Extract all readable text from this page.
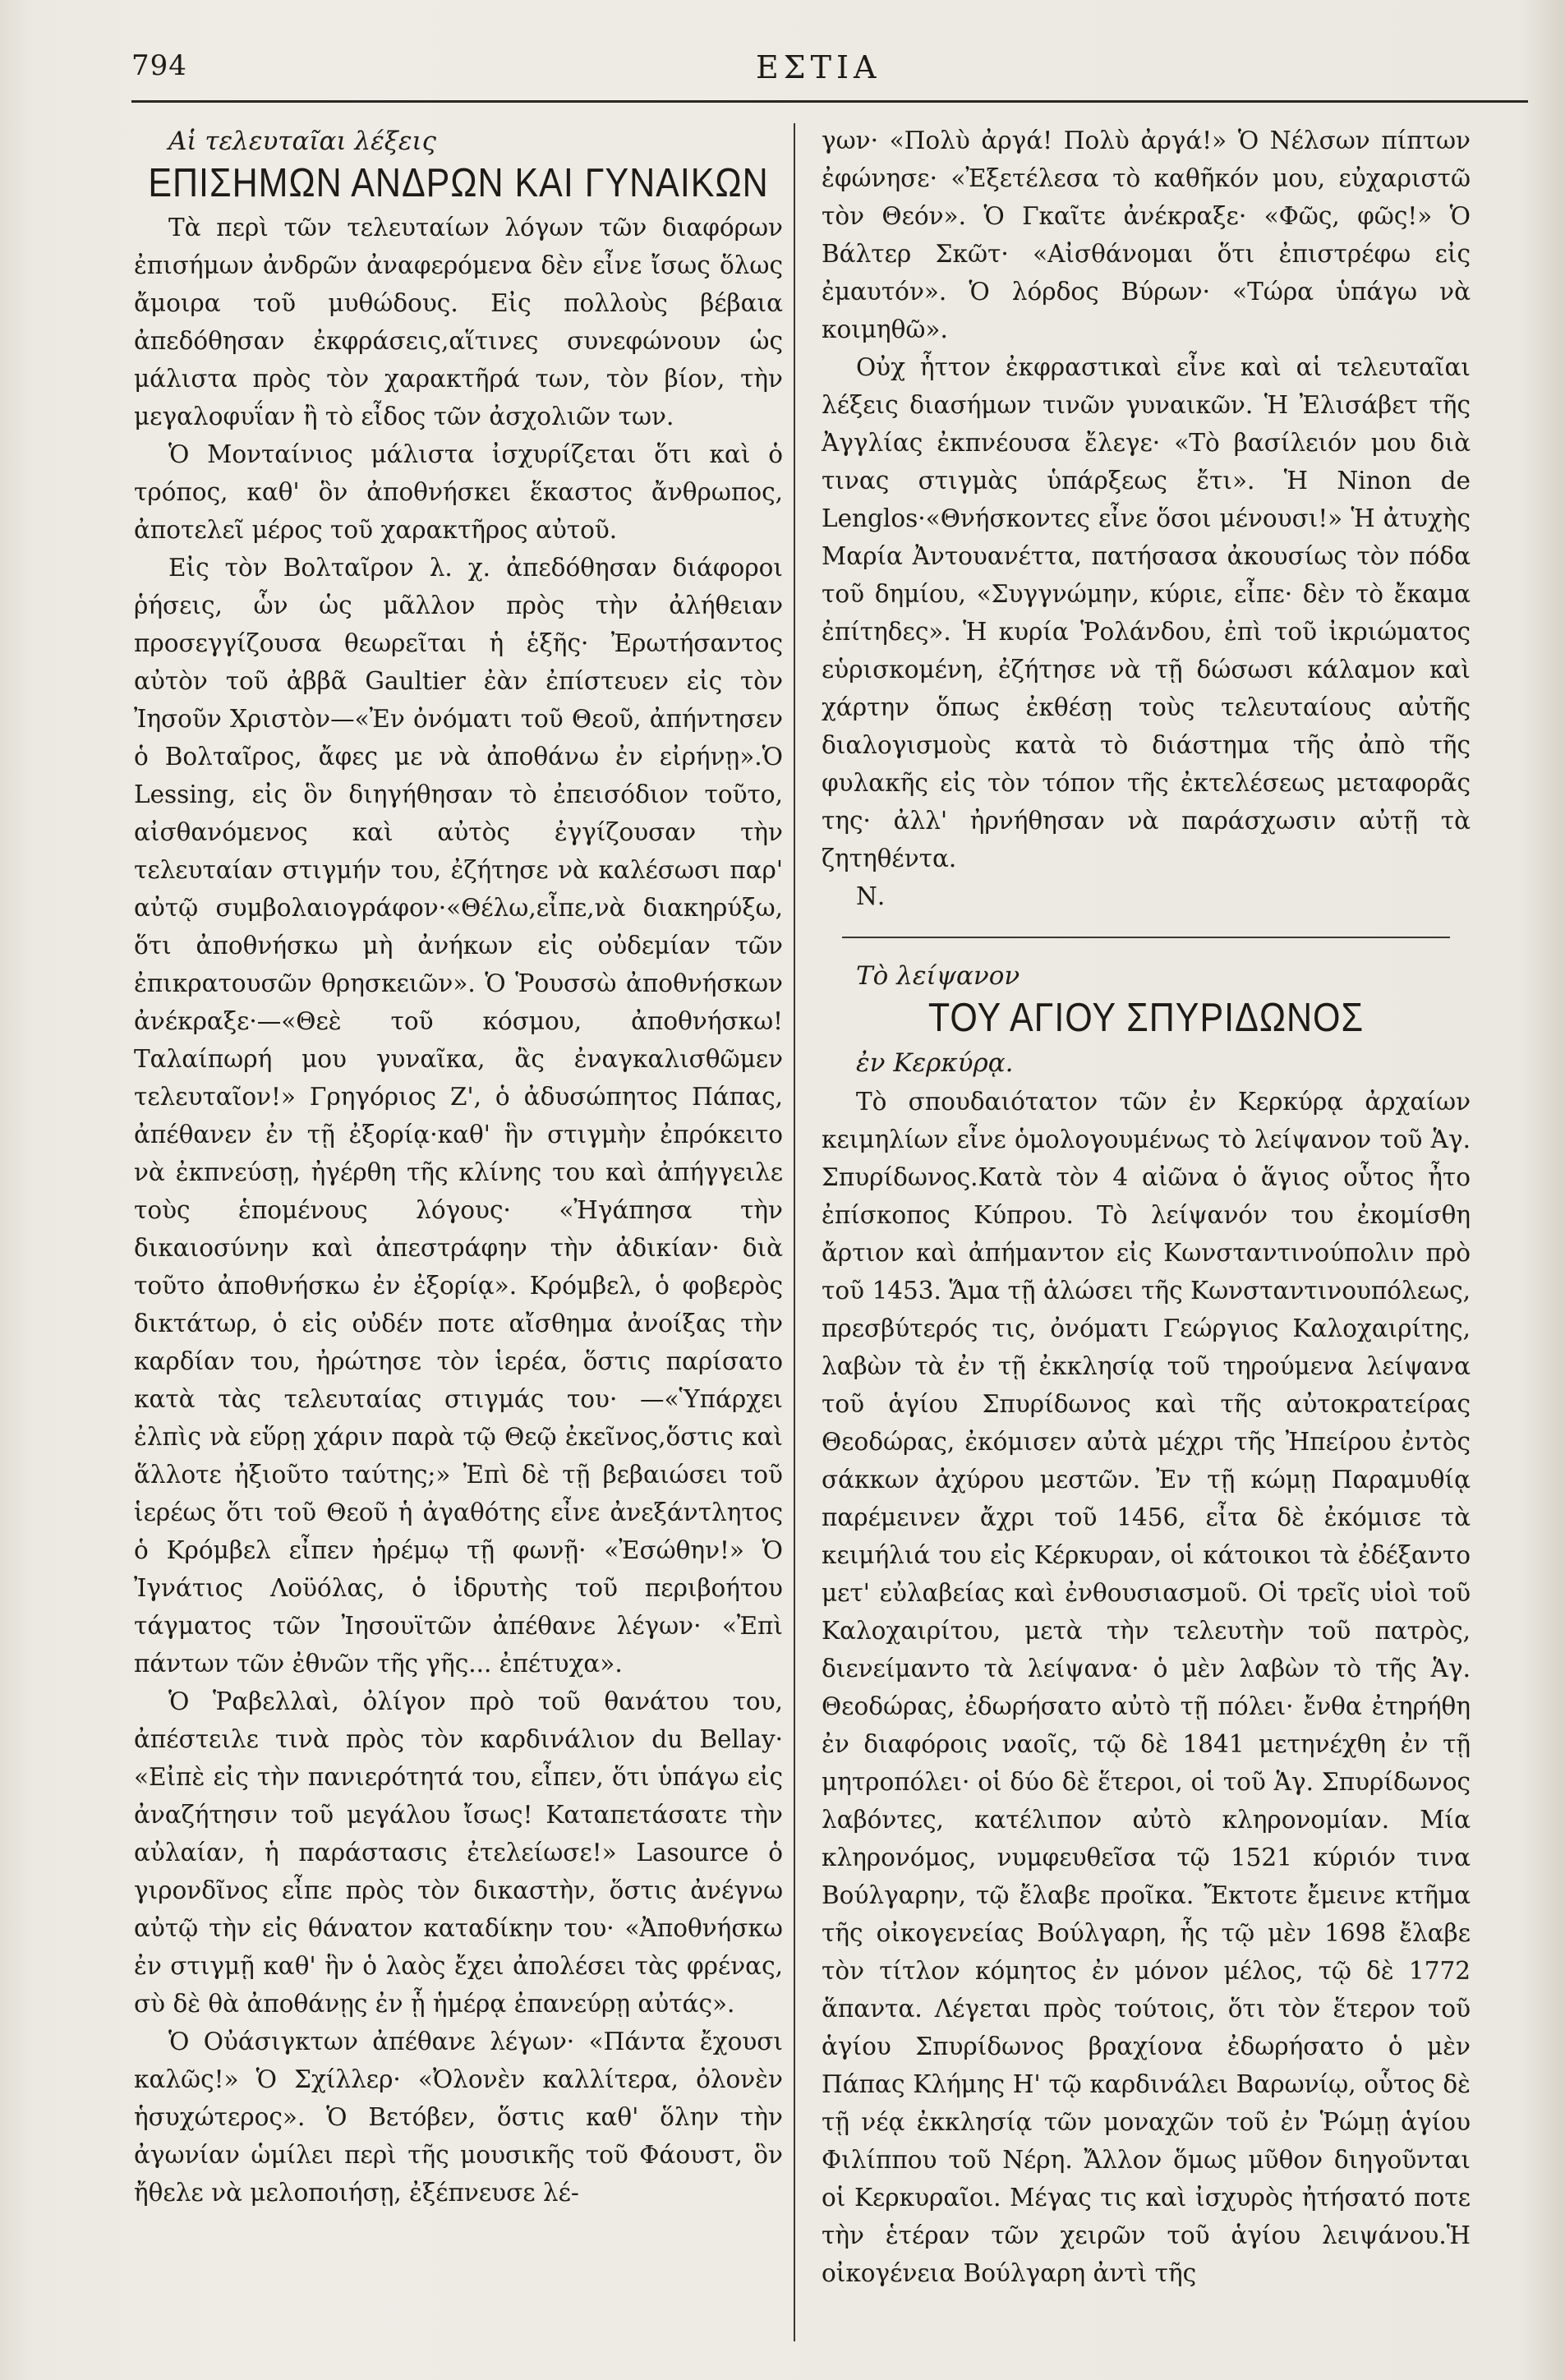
794	ΕΣΤΙΑ

Αἱ τελευταῖαι λέξεις

ΕΠΙΣΗΜΩΝ ΑΝΔΡΩΝ ΚΑΙ ΓΥΝΑΙΚΩΝ

Τὰ περὶ τῶν τελευταίων λόγων τῶν διαφόρων ἐπισήμων ἀνδρῶν ἀναφερόμενα δὲν εἶνε ἴσως ὅλως ἄμοιρα τοῦ μυθώδους. Εἰς πολλοὺς βέβαια ἀπεδόθησαν ἐκφράσεις,αἵτινες συνεφώνουν ὡς μάλιστα πρὸς τὸν χαρακτῆρά των, τὸν βίον, τὴν μεγαλοφυΐαν ἢ τὸ εἶδος τῶν ἀσχολιῶν των.

Ὁ Μονταίνιος μάλιστα ἰσχυρίζεται ὅτι καὶ ὁ τρόπος, καθ' ὃν ἀποθνήσκει ἕκαστος ἄνθρωπος, ἀποτελεῖ μέρος τοῦ χαρακτῆρος αὐτοῦ.

Εἰς τὸν Βολταῖρον λ. χ. ἀπεδόθησαν διάφοροι ῥήσεις, ὧν ὡς μᾶλλον πρὸς τὴν ἀλήθειαν προσεγγίζουσα θεωρεῖται ἡ ἑξῆς· Ἐρωτήσαντος αὐτὸν τοῦ ἀββᾶ Gaultier ἐὰν ἐπίστευεν εἰς τὸν Ἰησοῦν Χριστὸν—«Ἐν ὀνόματι τοῦ Θεοῦ, ἀπήντησεν ὁ Βολταῖρος, ἄφες με νὰ ἀποθάνω ἐν εἰρήνῃ».Ὁ Lessing, εἰς ὃν διηγήθησαν τὸ ἐπεισόδιον τοῦτο, αἰσθανόμενος καὶ αὐτὸς ἐγγίζουσαν τὴν τελευταίαν στιγμήν του, ἐζήτησε νὰ καλέσωσι παρ' αὐτῷ συμβολαιογράφον·«Θέλω,εἶπε,νὰ διακηρύξω, ὅτι ἀποθνήσκω μὴ ἀνήκων εἰς οὐδεμίαν τῶν ἐπικρατουσῶν θρησκειῶν». Ὁ Ῥουσσὼ ἀποθνήσκων ἀνέκραξε·—«Θεὲ τοῦ κόσμου, ἀποθνήσκω! Ταλαίπωρή μου γυναῖκα, ἂς ἐναγκαλισθῶμεν τελευταῖον!» Γρηγόριος Ζ', ὁ ἀδυσώπητος Πάπας, ἀπέθανεν ἐν τῇ ἐξορίᾳ·καθ' ἣν στιγμὴν ἐπρόκειτο νὰ ἐκπνεύσῃ, ἠγέρθη τῆς κλίνης του καὶ ἀπήγγειλε τοὺς ἑπομένους λόγους· «Ἠγάπησα τὴν δικαιοσύνην καὶ ἀπεστράφην τὴν ἀδικίαν· διὰ τοῦτο ἀποθνήσκω ἐν ἐξορίᾳ». Κρόμβελ, ὁ φοβερὸς δικτάτωρ, ὁ εἰς οὐδέν ποτε αἴσθημα ἀνοίξας τὴν καρδίαν του, ἠρώτησε τὸν ἱερέα, ὅστις παρίσατο κατὰ τὰς τελευταίας στιγμάς του· —«Ὑπάρχει ἐλπὶς νὰ εὕρῃ χάριν παρὰ τῷ Θεῷ ἐκεῖνος,ὅστις καὶ ἅλλοτε ἠξιοῦτο ταύτης;» Ἐπὶ δὲ τῇ βεβαιώσει τοῦ ἱερέως ὅτι τοῦ Θεοῦ ἡ ἀγαθότης εἶνε ἀνεξάντλητος ὁ Κρόμβελ εἶπεν ἠρέμῳ τῇ φωνῇ· «Ἐσώθην!» Ὁ Ἰγνάτιος Λοϋόλας, ὁ ἱδρυτὴς τοῦ περιβοήτου τάγματος τῶν Ἰησουϊτῶν ἀπέθανε λέγων· «Ἐπὶ πάντων τῶν ἐθνῶν τῆς γῆς... ἐπέτυχα».

Ὁ Ῥαβελλαὶ, ὀλίγον πρὸ τοῦ θανάτου του, ἀπέστειλε τινὰ πρὸς τὸν καρδινάλιον du Bellay· «Εἰπὲ εἰς τὴν πανιερότητά του, εἶπεν, ὅτι ὑπάγω εἰς ἀναζήτησιν τοῦ μεγάλου ἴσως! Καταπετάσατε τὴν αὐλαίαν, ἡ παράστασις ἐτελείωσε!» Lasource ὁ γιρονδῖνος εἶπε πρὸς τὸν δικαστὴν, ὅστις ἀνέγνω αὐτῷ τὴν εἰς θάνατον καταδίκην του· «Ἀποθνήσκω ἐν στιγμῇ καθ' ἣν ὁ λαὸς ἔχει ἀπολέσει τὰς φρένας, σὺ δὲ θὰ ἀποθάνῃς ἐν ᾗ ἡμέρᾳ ἐπανεύρῃ αὐτάς».

Ὁ Οὐάσιγκτων ἀπέθανε λέγων· «Πάντα ἔχουσι καλῶς!» Ὁ Σχίλλερ· «Ὀλονὲν καλλίτερα, ὀλονὲν ἡσυχώτερος». Ὁ Βετόβεν, ὅστις καθ' ὅλην τὴν ἀγωνίαν ὡμίλει περὶ τῆς μουσικῆς τοῦ Φάουστ, ὃν ἤθελε νὰ μελοποιήσῃ, ἐξέπνευσε λέ-

γων· «Πολὺ ἀργά! Πολὺ ἀργά!» Ὁ Νέλσων πίπτων ἐφώνησε· «Ἐξετέλεσα τὸ καθῆκόν μου, εὐχαριστῶ τὸν Θεόν». Ὁ Γκαῖτε ἀνέκραξε· «Φῶς, φῶς!» Ὁ Βάλτερ Σκῶτ· «Αἰσθάνομαι ὅτι ἐπιστρέφω εἰς ἐμαυτόν». Ὁ λόρδος Βύρων· «Τώρα ὑπάγω νὰ κοιμηθῶ».

Οὐχ ἧττον ἐκφραστικαὶ εἶνε καὶ αἱ τελευταῖαι λέξεις διασήμων τινῶν γυναικῶν. Ἡ Ἐλισάβετ τῆς Ἀγγλίας ἐκπνέουσα ἔλεγε· «Τὸ βασίλειόν μου διὰ τινας στιγμὰς ὑπάρξεως ἔτι». Ἡ Ninon de Lenglos·«Θνήσκοντες εἶνε ὅσοι μένουσι!» Ἡ ἀτυχὴς Μαρία Ἀντουανέττα, πατήσασα ἀκουσίως τὸν πόδα τοῦ δημίου, «Συγγνώμην, κύριε, εἶπε· δὲν τὸ ἔκαμα ἐπίτηδες». Ἡ κυρία Ῥολάνδου, ἐπὶ τοῦ ἰκριώματος εὑρισκομένη, ἐζήτησε νὰ τῇ δώσωσι κάλαμον καὶ χάρτην ὅπως ἐκθέσῃ τοὺς τελευταίους αὐτῆς διαλογισμοὺς κατὰ τὸ διάστημα τῆς ἀπὸ τῆς φυλακῆς εἰς τὸν τόπον τῆς ἐκτελέσεως μεταφορᾶς της· ἀλλ' ἠρνήθησαν νὰ παράσχωσιν αὐτῇ τὰ ζητηθέντα.

Ν.

Τὸ λείψανον

ΤΟΥ ΑΓΙΟΥ ΣΠΥΡΙΔΩΝΟΣ

ἐν Κερκύρᾳ.

Τὸ σπουδαιότατον τῶν ἐν Κερκύρᾳ ἀρχαίων κειμηλίων εἶνε ὁμολογουμένως τὸ λείψανον τοῦ Ἁγ. Σπυρίδωνος.Κατὰ τὸν 4 αἰῶνα ὁ ἅγιος οὗτος ἦτο ἐπίσκοπος Κύπρου. Τὸ λείψανόν του ἐκομίσθη ἄρτιον καὶ ἀπήμαντον εἰς Κωνσταντινούπολιν πρὸ τοῦ 1453. Ἅμα τῇ ἁλώσει τῆς Κωνσταντινουπόλεως, πρεσβύτερός τις, ὀνόματι Γεώργιος Καλοχαιρίτης, λαβὼν τὰ ἐν τῇ ἐκκλησίᾳ τοῦ τηρούμενα λείψανα τοῦ ἁγίου Σπυρίδωνος καὶ τῆς αὐτοκρατείρας Θεοδώρας, ἐκόμισεν αὐτὰ μέχρι τῆς Ἠπείρου ἐντὸς σάκκων ἀχύρου μεστῶν. Ἐν τῇ κώμῃ Παραμυθίᾳ παρέμεινεν ἄχρι τοῦ 1456, εἶτα δὲ ἐκόμισε τὰ κειμήλιά του εἰς Κέρκυραν, οἱ κάτοικοι τὰ ἐδέξαντο μετ' εὐλαβείας καὶ ἐνθουσιασμοῦ. Οἱ τρεῖς υἱοὶ τοῦ Καλοχαιρίτου, μετὰ τὴν τελευτὴν τοῦ πατρὸς, διενείμαντο τὰ λείψανα· ὁ μὲν λαβὼν τὸ τῆς Ἁγ. Θεοδώρας, ἐδωρήσατο αὐτὸ τῇ πόλει· ἔνθα ἐτηρήθη ἐν διαφόροις ναοῖς, τῷ δὲ 1841 μετηνέχθη ἐν τῇ μητροπόλει· οἱ δύο δὲ ἕτεροι, οἱ τοῦ Ἁγ. Σπυρίδωνος λαβόντες, κατέλιπον αὐτὸ κληρονομίαν. Μία κληρονόμος, νυμφευθεῖσα τῷ 1521 κύριόν τινα Βούλγαρην, τῷ ἔλαβε προῖκα. Ἔκτοτε ἔμεινε κτῆμα τῆς οἰκογενείας Βούλγαρη, ἧς τῷ μὲν 1698 ἔλαβε τὸν τίτλον κόμητος ἐν μόνον μέλος, τῷ δὲ 1772 ἅπαντα. Λέγεται πρὸς τούτοις, ὅτι τὸν ἕτερον τοῦ ἁγίου Σπυρίδωνος βραχίονα ἐδωρήσατο ὁ μὲν Πάπας Κλήμης Η' τῷ καρδινάλει Βαρωνίῳ, οὗτος δὲ τῇ νέᾳ ἐκκλησίᾳ τῶν μοναχῶν τοῦ ἐν Ῥώμῃ ἁγίου Φιλίππου τοῦ Νέρη. Ἄλλον ὅμως μῦθον διηγοῦνται οἱ Κερκυραῖοι. Μέγας τις καὶ ἰσχυρὸς ἠτήσατό ποτε τὴν ἑτέραν τῶν χειρῶν τοῦ ἁγίου λειψάνου.Ἡ οἰκογένεια Βούλγαρη ἀντὶ τῆς
